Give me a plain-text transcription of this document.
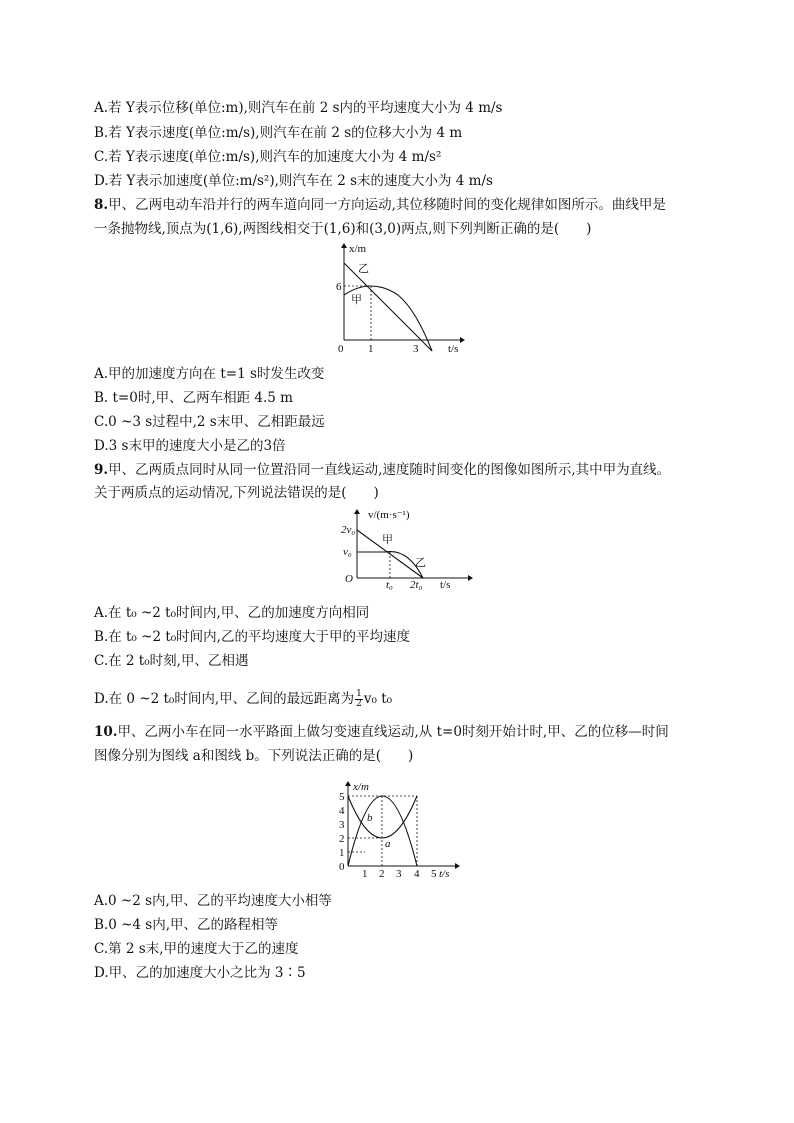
A.若 Y表示位移(单位:m),则汽车在前 2 s内的平均速度大小为 4 m/s
B.若 Y表示速度(单位:m/s),则汽车在前 2 s的位移大小为 4 m
C.若 Y表示速度(单位:m/s),则汽车的加速度大小为 4 m/s²
D.若 Y表示加速度(单位:m/s²),则汽车在 2 s末的速度大小为 4 m/s
8.甲、乙两电动车沿并行的两车道向同一方向运动,其位移随时间的变化规律如图所示。曲线甲是
一条抛物线,顶点为(1,6),两图线相交于(1,6)和(3,0)两点,则下列判断正确的是(　　)
x/m
t/s
0
6
1	3
乙
甲
A.甲的加速度方向在 t=1 s时发生改变
B. t=0时,甲、乙两车相距 4.5 m
C.0 ~3 s过程中,2 s末甲、乙相距最远
D.3 s末甲的速度大小是乙的3倍
9.甲、乙两质点同时从同一位置沿同一直线运动,速度随时间变化的图像如图所示,其中甲为直线。
关于两质点的运动情况,下列说法错误的是(　　)
v/(m·s⁻¹)
t/s
O
2v₀
v₀
t₀ 2t₀
甲
乙
A.在 t₀ ~2 t₀时间内,甲、乙的加速度方向相同
B.在 t₀ ~2 t₀时间内,乙的平均速度大于甲的平均速度
C.在 2 t₀时刻,甲、乙相遇
D.在 0 ~2 t₀时间内,甲、乙间的最远距离为 $\frac{1}{2} v_0$ t₀
10.甲、乙两小车在同一水平路面上做匀变速直线运动,从 t=0时刻开始计时,甲、乙的位移—时间
图像分别为图线 a和图线 b。下列说法正确的是(　　)
5
4
3
2
1
0
1 2 3 4 5
x/m
t/s
a
b
A.0 ~2 s内,甲、乙的平均速度大小相等
B.0 ~4 s内,甲、乙的路程相等
C.第 2 s末,甲的速度大于乙的速度
D.甲、乙的加速度大小之比为 3∶5
